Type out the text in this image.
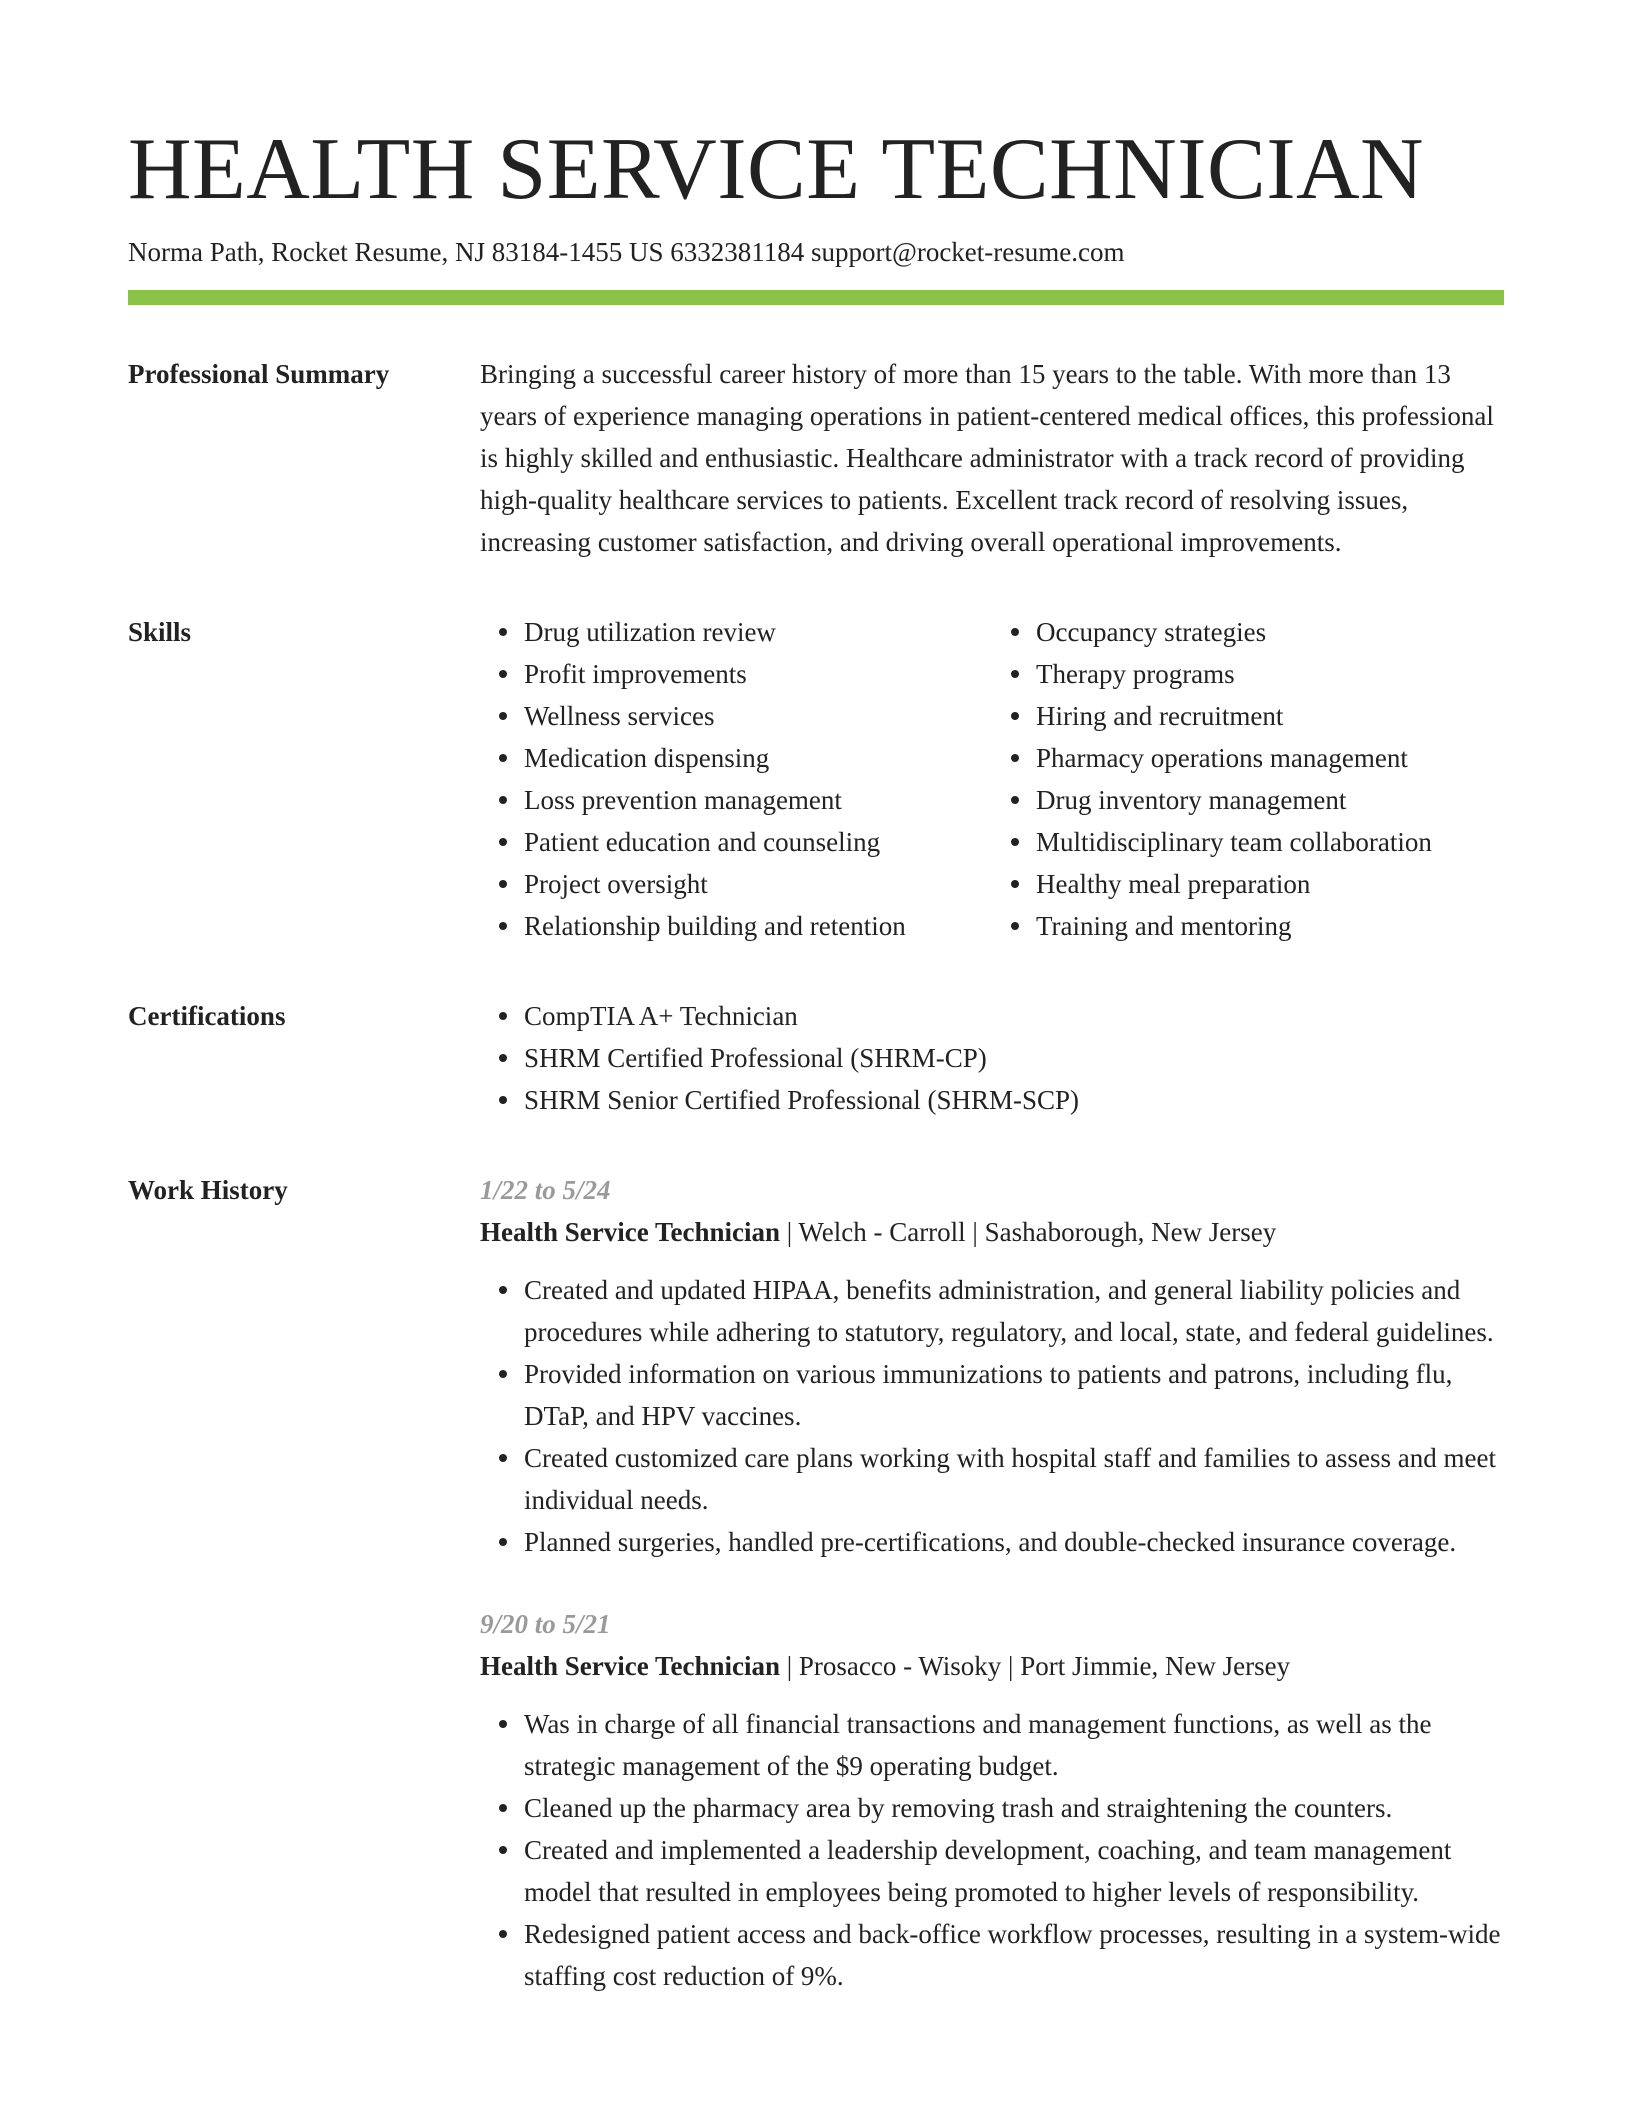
HEALTH SERVICE TECHNICIAN
Norma Path, Rocket Resume, NJ 83184-1455 US 6332381184 support@rocket-resume.com
Professional Summary	Bringing a successful career history of more than 15 years to the table. With more than 13 years of experience managing operations in patient-centered medical offices, this professional is highly skilled and enthusiastic. Healthcare administrator with a track record of providing high-quality healthcare services to patients. Excellent track record of resolving issues, increasing customer satisfaction, and driving overall operational improvements.

Skills	Drug utilization review
Profit improvements
Wellness services
Medication dispensing
Loss prevention management
Patient education and counseling
Project oversight
Relationship building and retention
Occupancy strategies
Therapy programs
Hiring and recruitment
Pharmacy operations management
Drug inventory management
Multidisciplinary team collaboration
Healthy meal preparation
Training and mentoring
Certifications	CompTIA A+ Technician
SHRM Certified Professional (SHRM-CP)
SHRM Senior Certified Professional (SHRM-SCP)
Work History	1/22 to 5/24
Health Service Technician | Welch - Carroll | Sashaborough, New Jersey
Created and updated HIPAA, benefits administration, and general liability policies and procedures while adhering to statutory, regulatory, and local, state, and federal guidelines.
Provided information on various immunizations to patients and patrons, including flu, DTaP, and HPV vaccines.
Created customized care plans working with hospital staff and families to assess and meet individual needs.
Planned surgeries, handled pre-certifications, and double-checked insurance coverage.
9/20 to 5/21
Health Service Technician | Prosacco - Wisoky | Port Jimmie, New Jersey
Was in charge of all financial transactions and management functions, as well as the strategic management of the $9 operating budget.
Cleaned up the pharmacy area by removing trash and straightening the counters.
Created and implemented a leadership development, coaching, and team management model that resulted in employees being promoted to higher levels of responsibility.
Redesigned patient access and back-office workflow processes, resulting in a system-wide staffing cost reduction of 9%.
